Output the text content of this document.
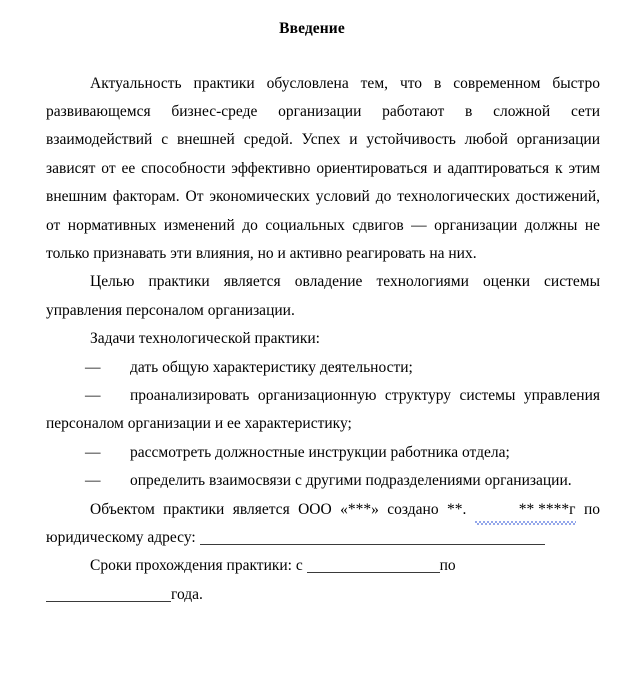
Введение

Актуальность практики обусловлена тем, что в современном быстро развивающемся бизнес-среде организации работают в сложной сети взаимодействий с внешней средой. Успех и устойчивость любой организации зависят от ее способности эффективно ориентироваться и адаптироваться к этим внешним факторам. От экономических условий до технологических достижений, от нормативных изменений до социальных сдвигов — организации должны не только признавать эти влияния, но и активно реагировать на них.

Целью практики является овладение технологиями оценки системы управления персоналом организации.

Задачи технологической практики:

— дать общую характеристику деятельности;

— проанализировать организационную структуру системы управления персоналом организации и ее характеристику;

— рассмотреть должностные инструкции работника отдела;

— определить взаимосвязи с другими подразделениями организации.

Объектом практики является ООО «***» создано **.	** ****г по юридическому адресу:

Сроки прохождения практики: с	по

года.
